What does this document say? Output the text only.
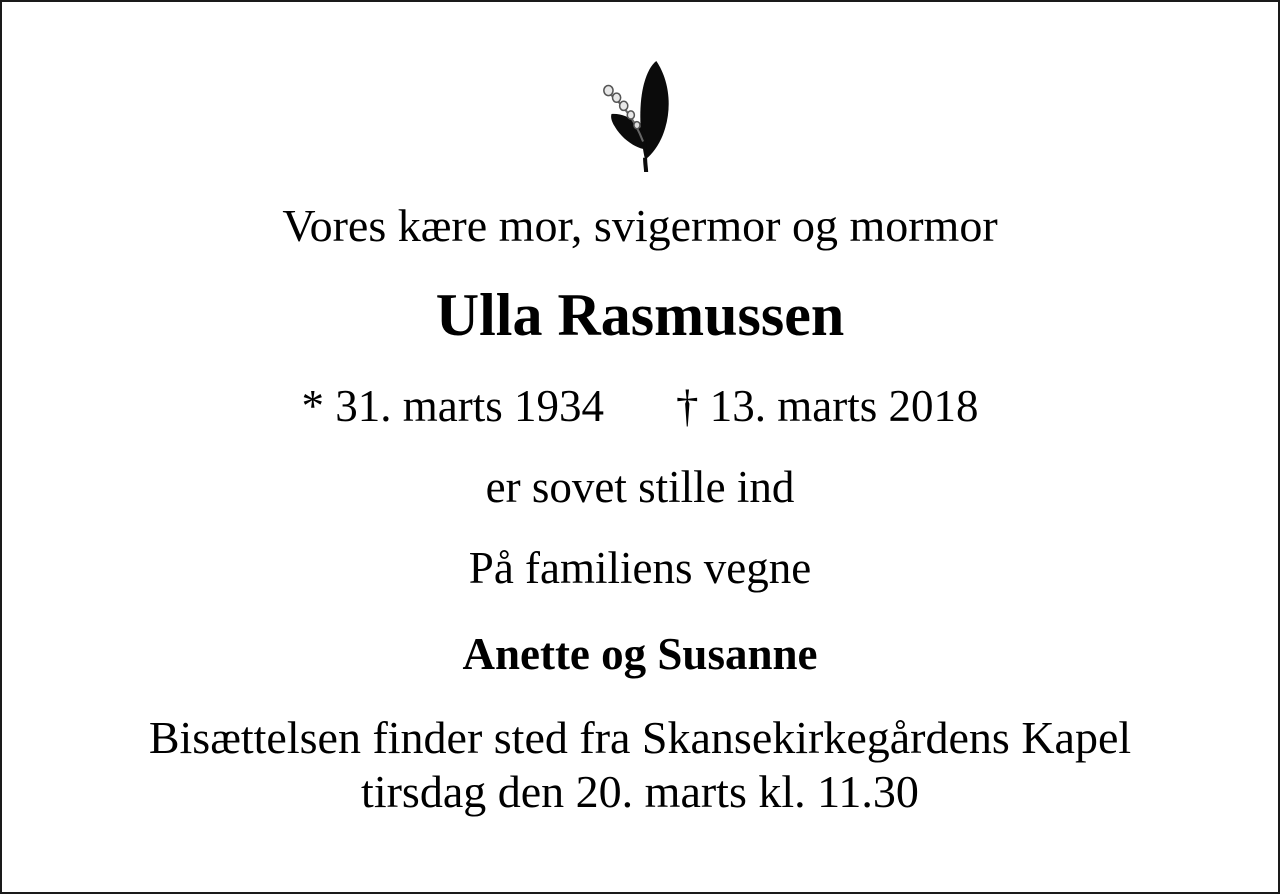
Vores kære mor, svigermor og mormor
Ulla Rasmussen
* 31. marts 1934 † 13. marts 2018
er sovet stille ind
På familiens vegne
Anette og Susanne
Bisættelsen finder sted fra Skansekirkegårdens Kapel
tirsdag den 20. marts kl. 11.30
